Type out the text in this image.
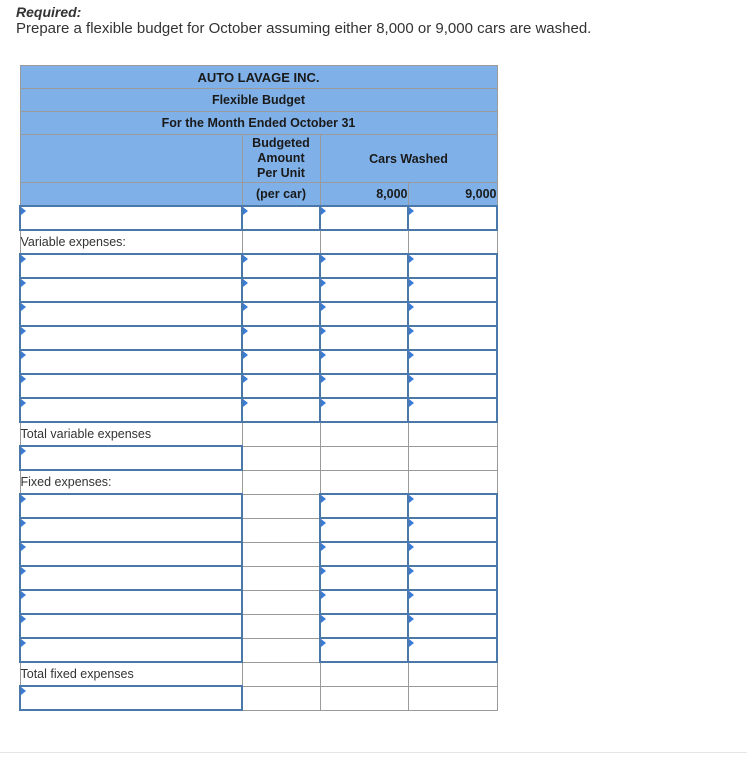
Required:
Prepare a flexible budget for October assuming either 8,000 or 9,000 cars are washed.
AUTO LAVAGE INC.			
Flexible Budget			
For the Month Ended October 31			
	Budgeted Amount Per Unit	Cars Washed	
	(per car)	8,000	9,000

Variable expenses:			

Total variable expenses			

Fixed expenses:			

Total fixed expenses			
